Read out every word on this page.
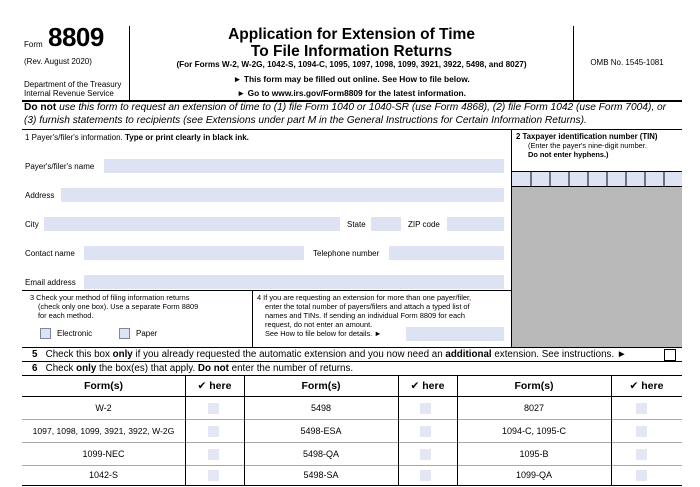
Form 8809
(Rev. August 2020)
Department of the Treasury
Internal Revenue Service
Application for Extension of Time
To File Information Returns
(For Forms W-2, W-2G, 1042-S, 1094-C, 1095, 1097, 1098, 1099, 3921, 3922, 5498, and 8027)
► This form may be filled out online. See How to file below.
► Go to www.irs.gov/Form8809 for the latest information.
OMB No. 1545-1081
Do not use this form to request an extension of time to (1) file Form 1040 or 1040-SR (use Form 4868), (2) file Form 1042 (use Form 7004), or (3) furnish statements to recipients (see Extensions under part M in the General Instructions for Certain Information Returns).
1 Payer's/filer's information. Type or print clearly in black ink.
Payer's/filer's name
Address
City	State	ZIP code
Contact name	Telephone number
Email address
2 Taxpayer identification number (TIN)
(Enter the payer's nine-digit number.
Do not enter hyphens.)
3 Check your method of filing information returns
(check only one box). Use a separate Form 8809
for each method.
Electronic	Paper
4 If you are requesting an extension for more than one payer/filer,
enter the total number of payers/filers and attach a typed list of
names and TINs. If sending an individual Form 8809 for each
request, do not enter an amount.
See How to file below for details. ►
5 Check this box only if you already requested the automatic extension and you now need an additional extension. See instructions. ►
6 Check only the box(es) that apply. Do not enter the number of returns.
Form(s)	✔ here	Form(s)	✔ here	Form(s)	✔ here
W-2	5498	8027
1097, 1098, 1099, 3921, 3922, W-2G	5498-ESA	1094-C, 1095-C
1099-NEC	5498-QA	1095-B
1042-S	5498-SA	1099-QA
